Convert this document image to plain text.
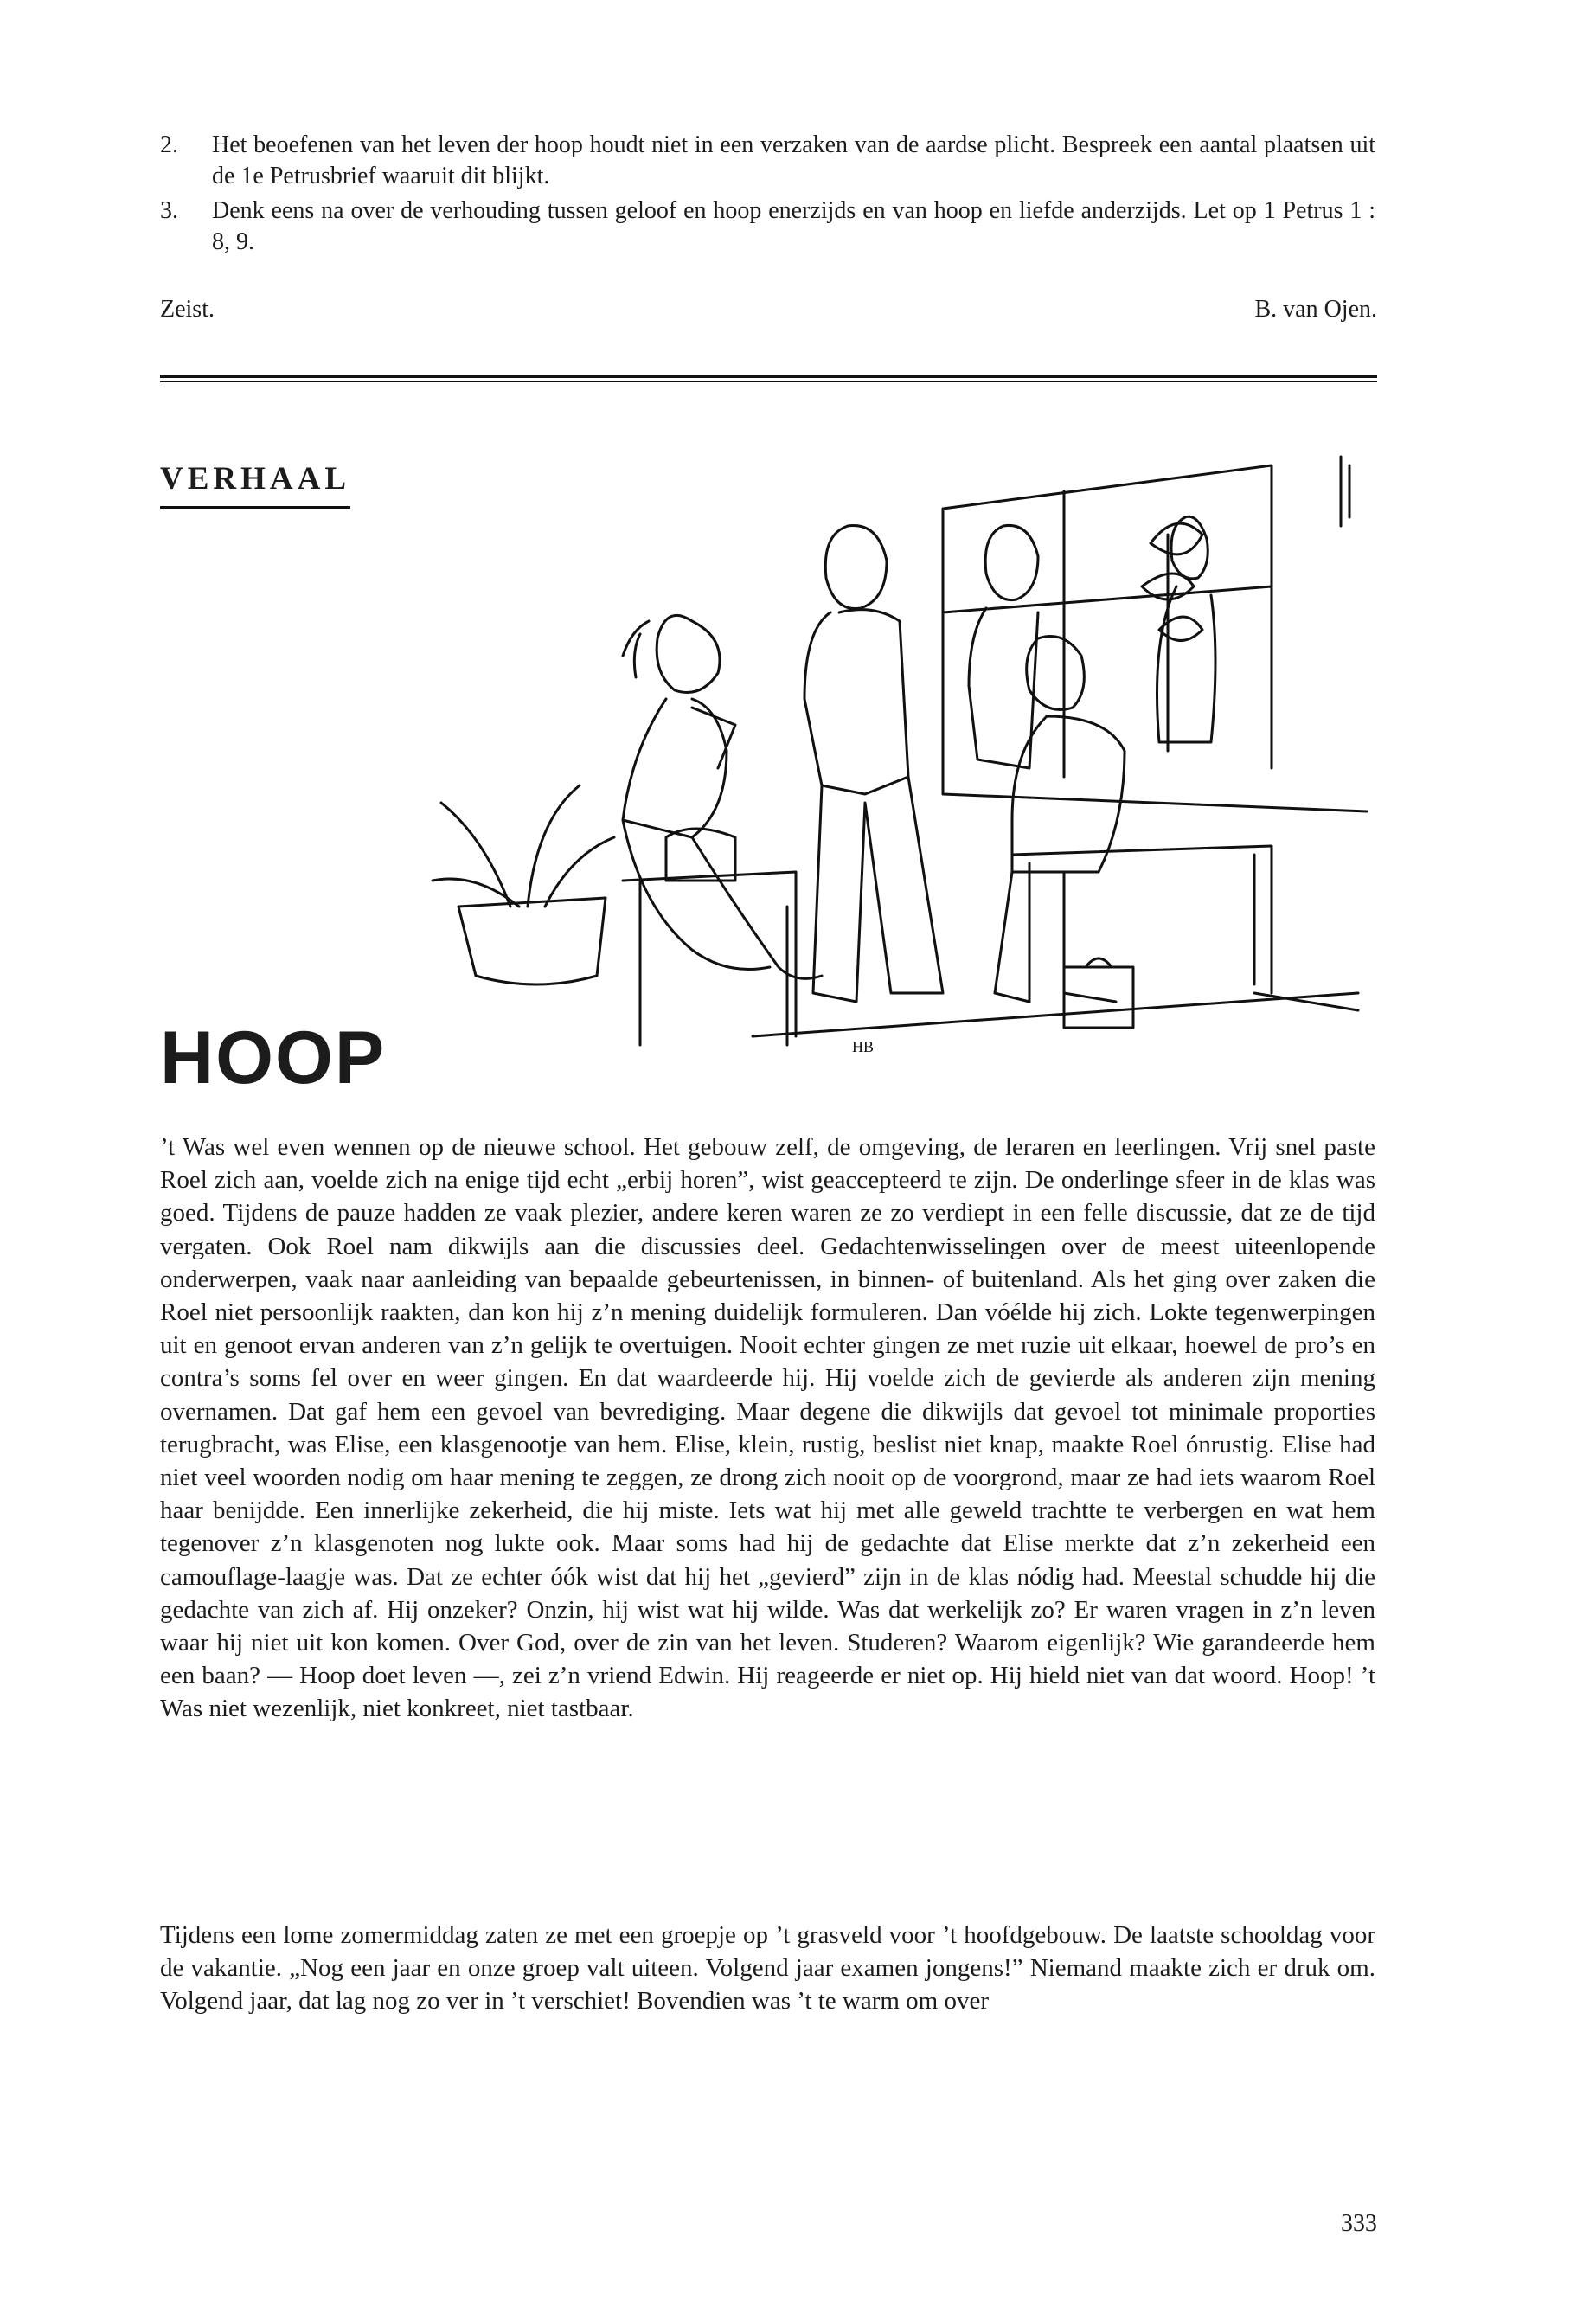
2. Het beoefenen van het leven der hoop houdt niet in een verzaken van de aardse plicht. Bespreek een aantal plaatsen uit de 1e Petrusbrief waaruit dit blijkt.
3. Denk eens na over de verhouding tussen geloof en hoop enerzijds en van hoop en liefde anderzijds. Let op 1 Petrus 1 : 8, 9.
Zeist.	B. van Ojen.
VERHAAL
HB
HOOP

’t Was wel even wennen op de nieuwe school. Het gebouw zelf, de omgeving, de leraren en leerlingen. Vrij snel paste Roel zich aan, voelde zich na enige tijd echt „erbij horen”, wist geaccepteerd te zijn. De onderlinge sfeer in de klas was goed. Tijdens de pauze hadden ze vaak plezier, andere keren waren ze zo verdiept in een felle discussie, dat ze de tijd vergaten. Ook Roel nam dikwijls aan die discussies deel. Gedachtenwisselingen over de meest uiteenlopende onderwerpen, vaak naar aanleiding van bepaalde gebeurtenissen, in binnen- of buitenland. Als het ging over zaken die Roel niet persoonlijk raakten, dan kon hij z’n mening duidelijk formuleren. Dan vóélde hij zich. Lokte tegenwerpingen uit en genoot ervan anderen van z’n gelijk te overtuigen. Nooit echter gingen ze met ruzie uit elkaar, hoewel de pro’s en contra’s soms fel over en weer gingen. En dat waardeerde hij. Hij voelde zich de gevierde als anderen zijn mening overnamen. Dat gaf hem een gevoel van bevrediging. Maar degene die dikwijls dat gevoel tot minimale proporties terugbracht, was Elise, een klasgenootje van hem. Elise, klein, rustig, beslist niet knap, maakte Roel ónrustig. Elise had niet veel woorden nodig om haar mening te zeggen, ze drong zich nooit op de voorgrond, maar ze had iets waarom Roel haar benijdde. Een innerlijke zekerheid, die hij miste. Iets wat hij met alle geweld trachtte te verbergen en wat hem tegenover z’n klasgenoten nog lukte ook. Maar soms had hij de gedachte dat Elise merkte dat z’n zekerheid een camouflage-laagje was. Dat ze echter óók wist dat hij het „gevierd” zijn in de klas nódig had. Meestal schudde hij die gedachte van zich af. Hij onzeker? Onzin, hij wist wat hij wilde. Was dat werkelijk zo? Er waren vragen in z’n leven waar hij niet uit kon komen. Over God, over de zin van het leven. Studeren? Waarom eigenlijk? Wie garandeerde hem een baan? — Hoop doet leven —, zei z’n vriend Edwin. Hij reageerde er niet op. Hij hield niet van dat woord. Hoop! ’t Was niet wezenlijk, niet konkreet, niet tastbaar.

Tijdens een lome zomermiddag zaten ze met een groepje op ’t grasveld voor ’t hoofdgebouw. De laatste schooldag voor de vakantie. „Nog een jaar en onze groep valt uiteen. Volgend jaar examen jongens!” Niemand maakte zich er druk om. Volgend jaar, dat lag nog zo ver in ’t verschiet! Bovendien was ’t te warm om over

333
